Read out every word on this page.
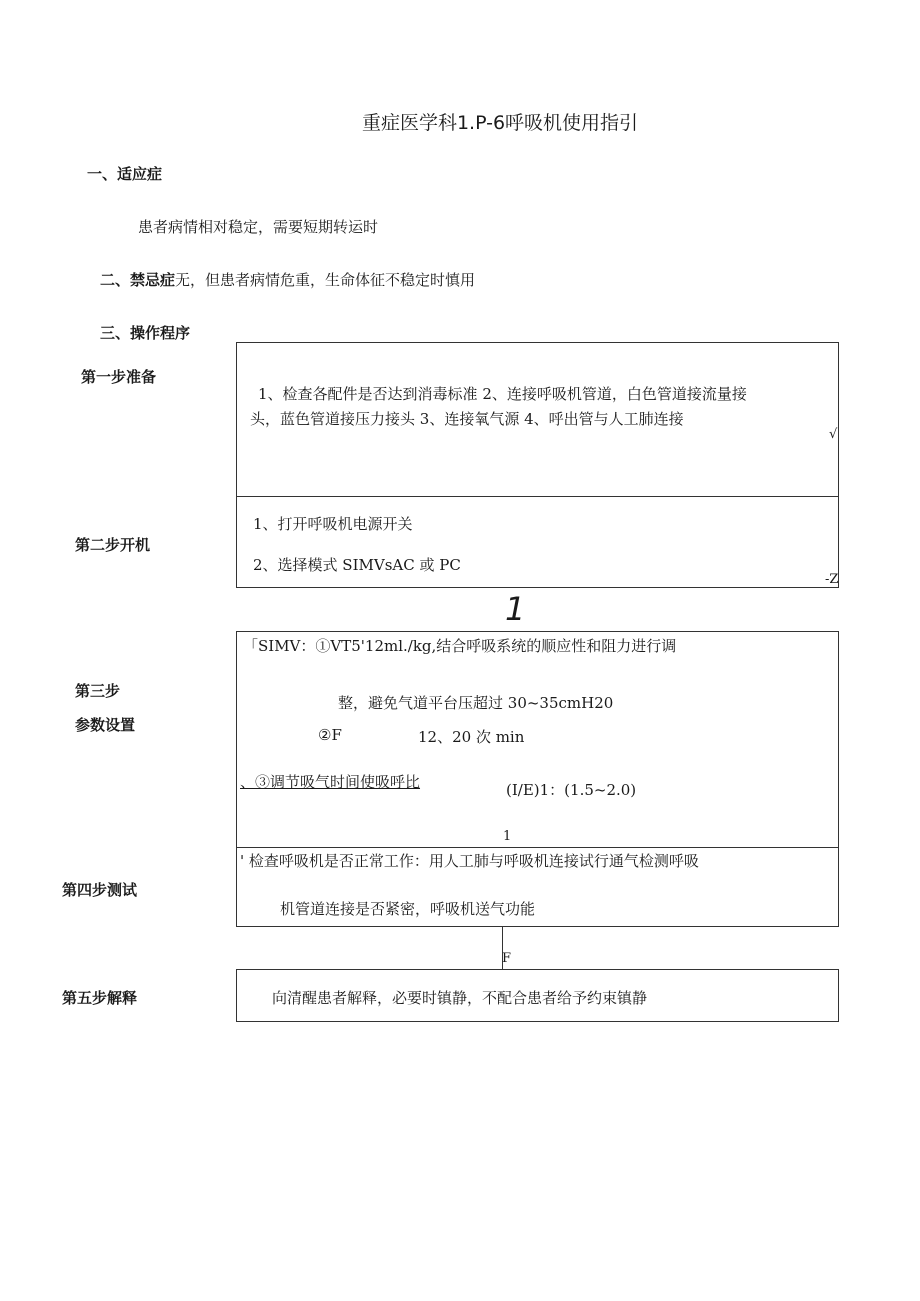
重症医学科1.P-6呼吸机使用指引
一、适应症
患者病情相对稳定，需要短期转运时
二、禁忌症无，但患者病情危重，生命体征不稳定时慎用
三、操作程序
第一步准备
1、检查各配件是否达到消毒标准 2、连接呼吸机管道，白色管道接流量接
头，蓝色管道接压力接头 3、连接氧气源 4、呼出管与人工肺连接
√
第二步开机
1、打开呼吸机电源开关
2、选择模式 SIMVsAC 或 PC
-Z
1
第三步
参数设置
「SIMV：①VT5'12ml./kg,结合呼吸系统的顺应性和阻力进行调
整，避免气道平台压超过 30~35cmH20
②F	12、20 次 min
、③调节吸气时间使吸呼比	(I/E)1：(1.5~2.0)
1
第四步测试
' 检查呼吸机是否正常工作：用人工肺与呼吸机连接试行通气检测呼吸
机管道连接是否紧密，呼吸机送气功能
F
第五步解释	向清醒患者解释，必要时镇静，不配合患者给予约束镇静
